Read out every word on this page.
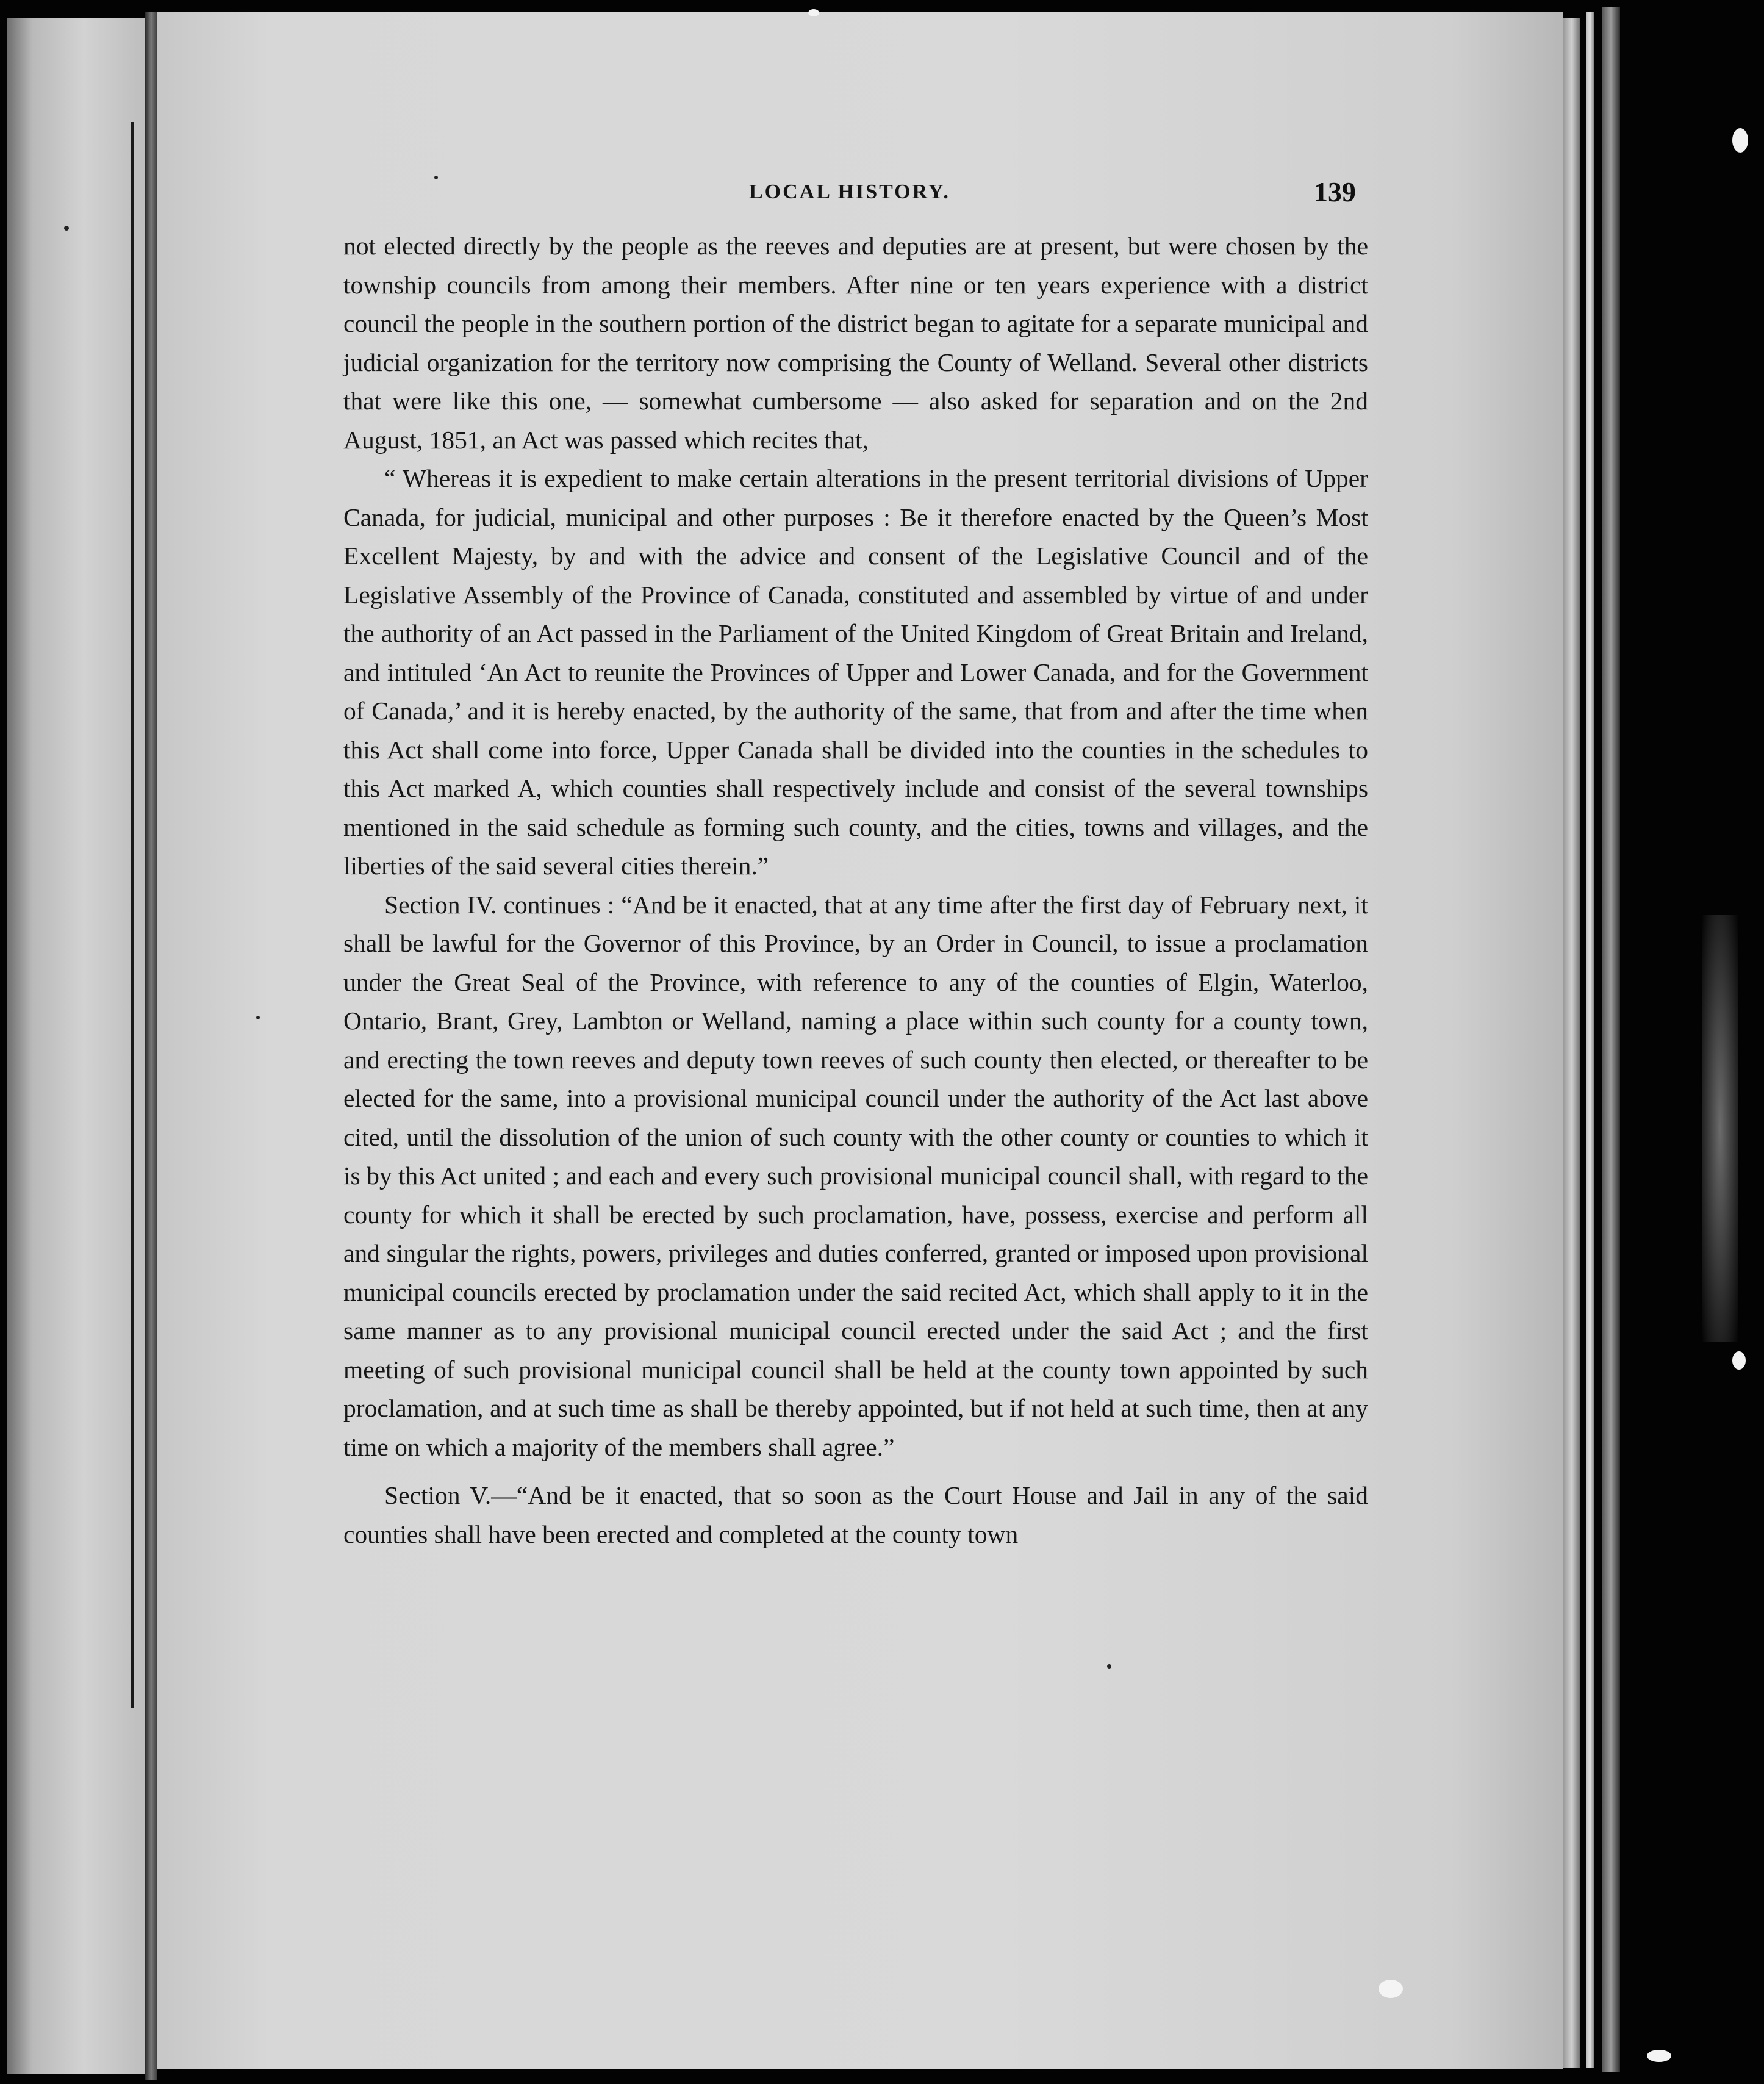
LOCAL HISTORY.	139

not elected directly by the people as the reeves and deputies are at present, but were chosen by the township councils from among their members. After nine or ten years experience with a district council the people in the southern portion of the district began to agitate for a separate municipal and judicial organization for the territory now comprising the County of Welland. Several other districts that were like this one, — somewhat cumbersome — also asked for separation and on the 2nd August, 1851, an Act was passed which recites that,

“ Whereas it is expedient to make certain alterations in the present territorial divisions of Upper Canada, for judicial, municipal and other purposes : Be it therefore enacted by the Queen’s Most Excellent Majesty, by and with the advice and consent of the Legislative Council and of the Legislative Assembly of the Province of Canada, constituted and assembled by virtue of and under the authority of an Act passed in the Parliament of the United Kingdom of Great Britain and Ireland, and intituled ‘An Act to reunite the Provinces of Upper and Lower Canada, and for the Government of Canada,’ and it is hereby enacted, by the authority of the same, that from and after the time when this Act shall come into force, Upper Canada shall be divided into the counties in the schedules to this Act marked A, which counties shall respectively include and consist of the several townships mentioned in the said schedule as forming such county, and the cities, towns and villages, and the liberties of the said several cities therein.”

Section IV. continues : “And be it enacted, that at any time after the first day of February next, it shall be lawful for the Governor of this Province, by an Order in Council, to issue a proclamation under the Great Seal of the Province, with reference to any of the counties of Elgin, Waterloo, Ontario, Brant, Grey, Lambton or Welland, naming a place within such county for a county town, and erecting the town reeves and deputy town reeves of such county then elected, or thereafter to be elected for the same, into a provisional municipal council under the authority of the Act last above cited, until the dissolution of the union of such county with the other county or counties to which it is by this Act united ; and each and every such provisional municipal council shall, with regard to the county for which it shall be erected by such proclamation, have, possess, exercise and perform all and singular the rights, powers, privileges and duties conferred, granted or imposed upon provisional municipal councils erected by proclamation under the said recited Act, which shall apply to it in the same manner as to any provisional municipal council erected under the said Act ; and the first meeting of such provisional municipal council shall be held at the county town appointed by such proclamation, and at such time as shall be thereby appointed, but if not held at such time, then at any time on which a majority of the members shall agree.”

Section V.—“And be it enacted, that so soon as the Court House and Jail in any of the said counties shall have been erected and completed at the county town
